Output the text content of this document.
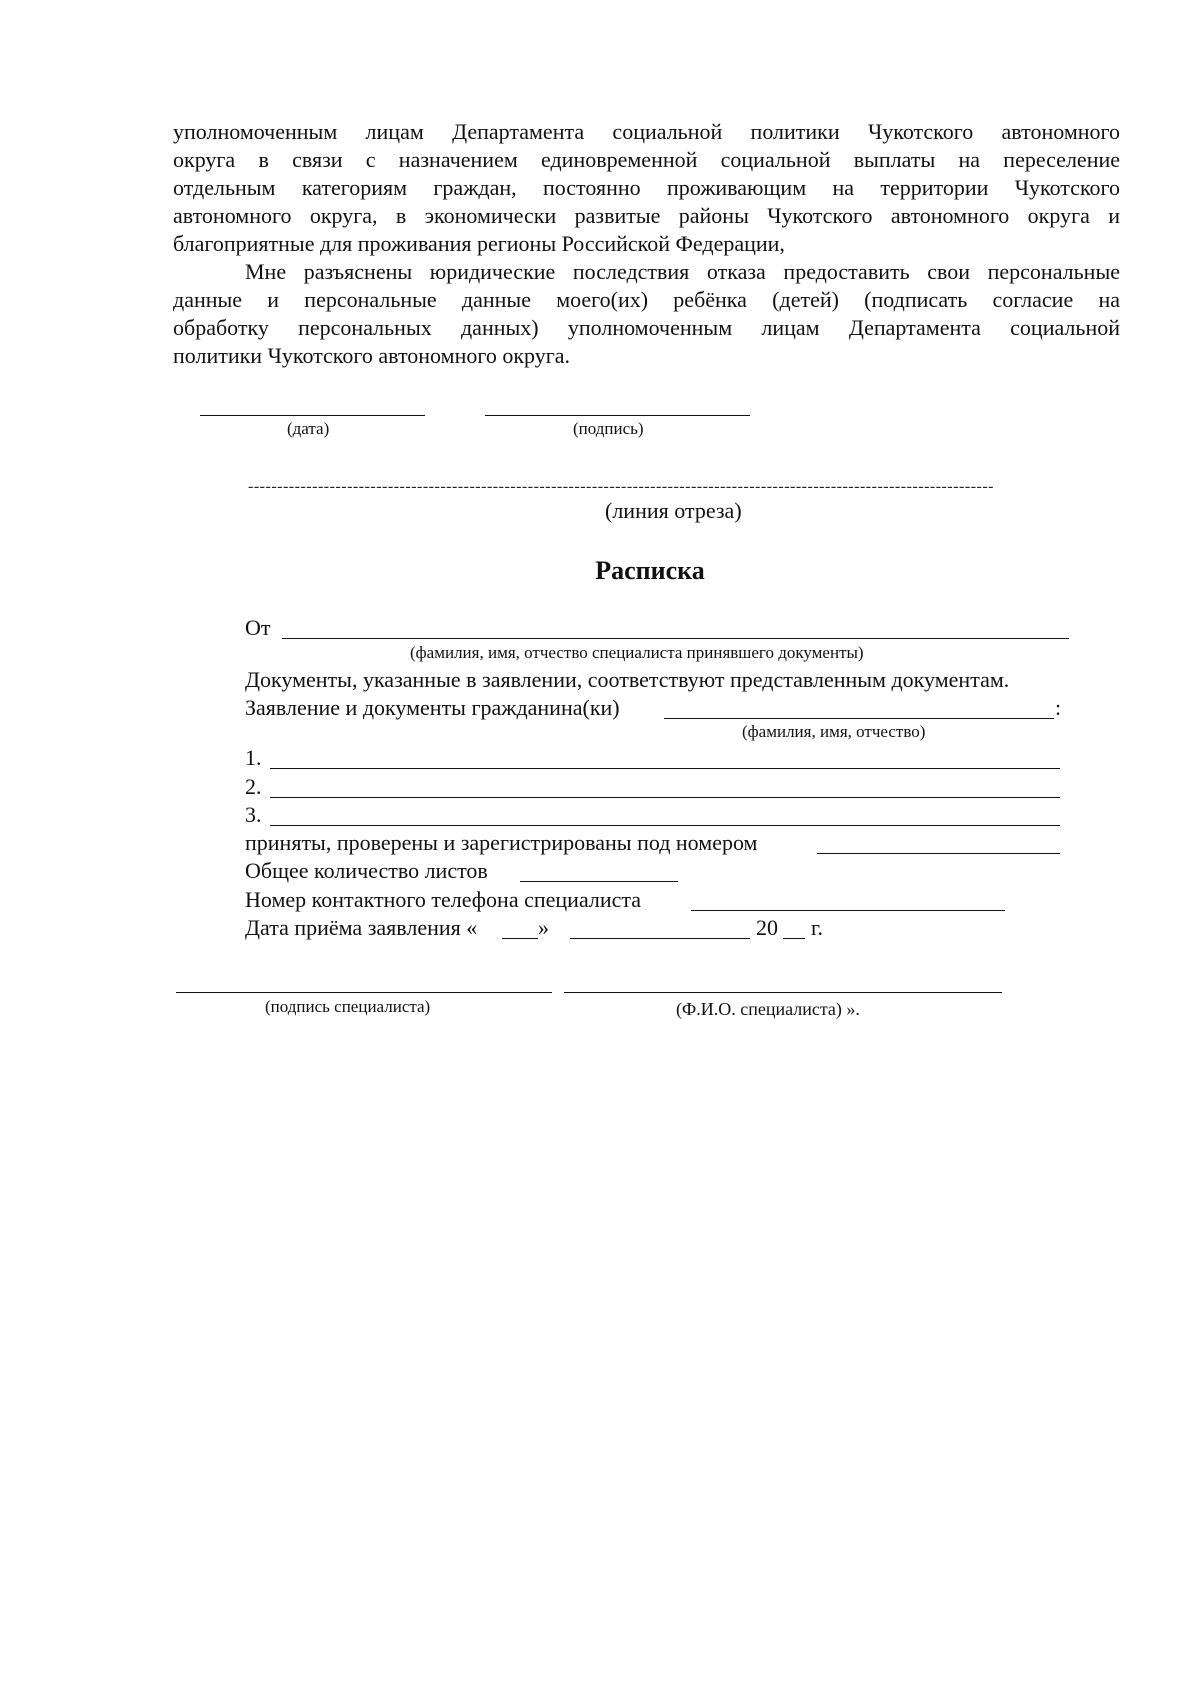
уполномоченным лицам Департамента социальной политики Чукотского автономного
округа в связи с назначением единовременной социальной выплаты на переселение
отдельным категориям граждан, постоянно проживающим на территории Чукотского
автономного округа, в экономически развитые районы Чукотского автономного округа и
благоприятные для проживания регионы Российской Федерации,
Мне разъяснены юридические последствия отказа предоставить свои персональные
данные и персональные данные моего(их) ребёнка (детей) (подписать согласие на
обработку персональных данных) уполномоченным лицам Департамента социальной
политики Чукотского автономного округа.
(дата)	(подпись)
--------------------------------------------------------------------------------------------------------------------------------
(линия отреза)
Расписка
От
(фамилия, имя, отчество специалиста принявшего документы)
Документы, указанные в заявлении, соответствуют представленным документам.
Заявление и документы гражданина(ки)	:
(фамилия, имя, отчество)
1.
2.
3.
приняты, проверены и зарегистрированы под номером
Общее количество листов
Номер контактного телефона специалиста
Дата приёма заявления «	»	20 г.
(подпись специалиста)	(Ф.И.О. специалиста) ».
